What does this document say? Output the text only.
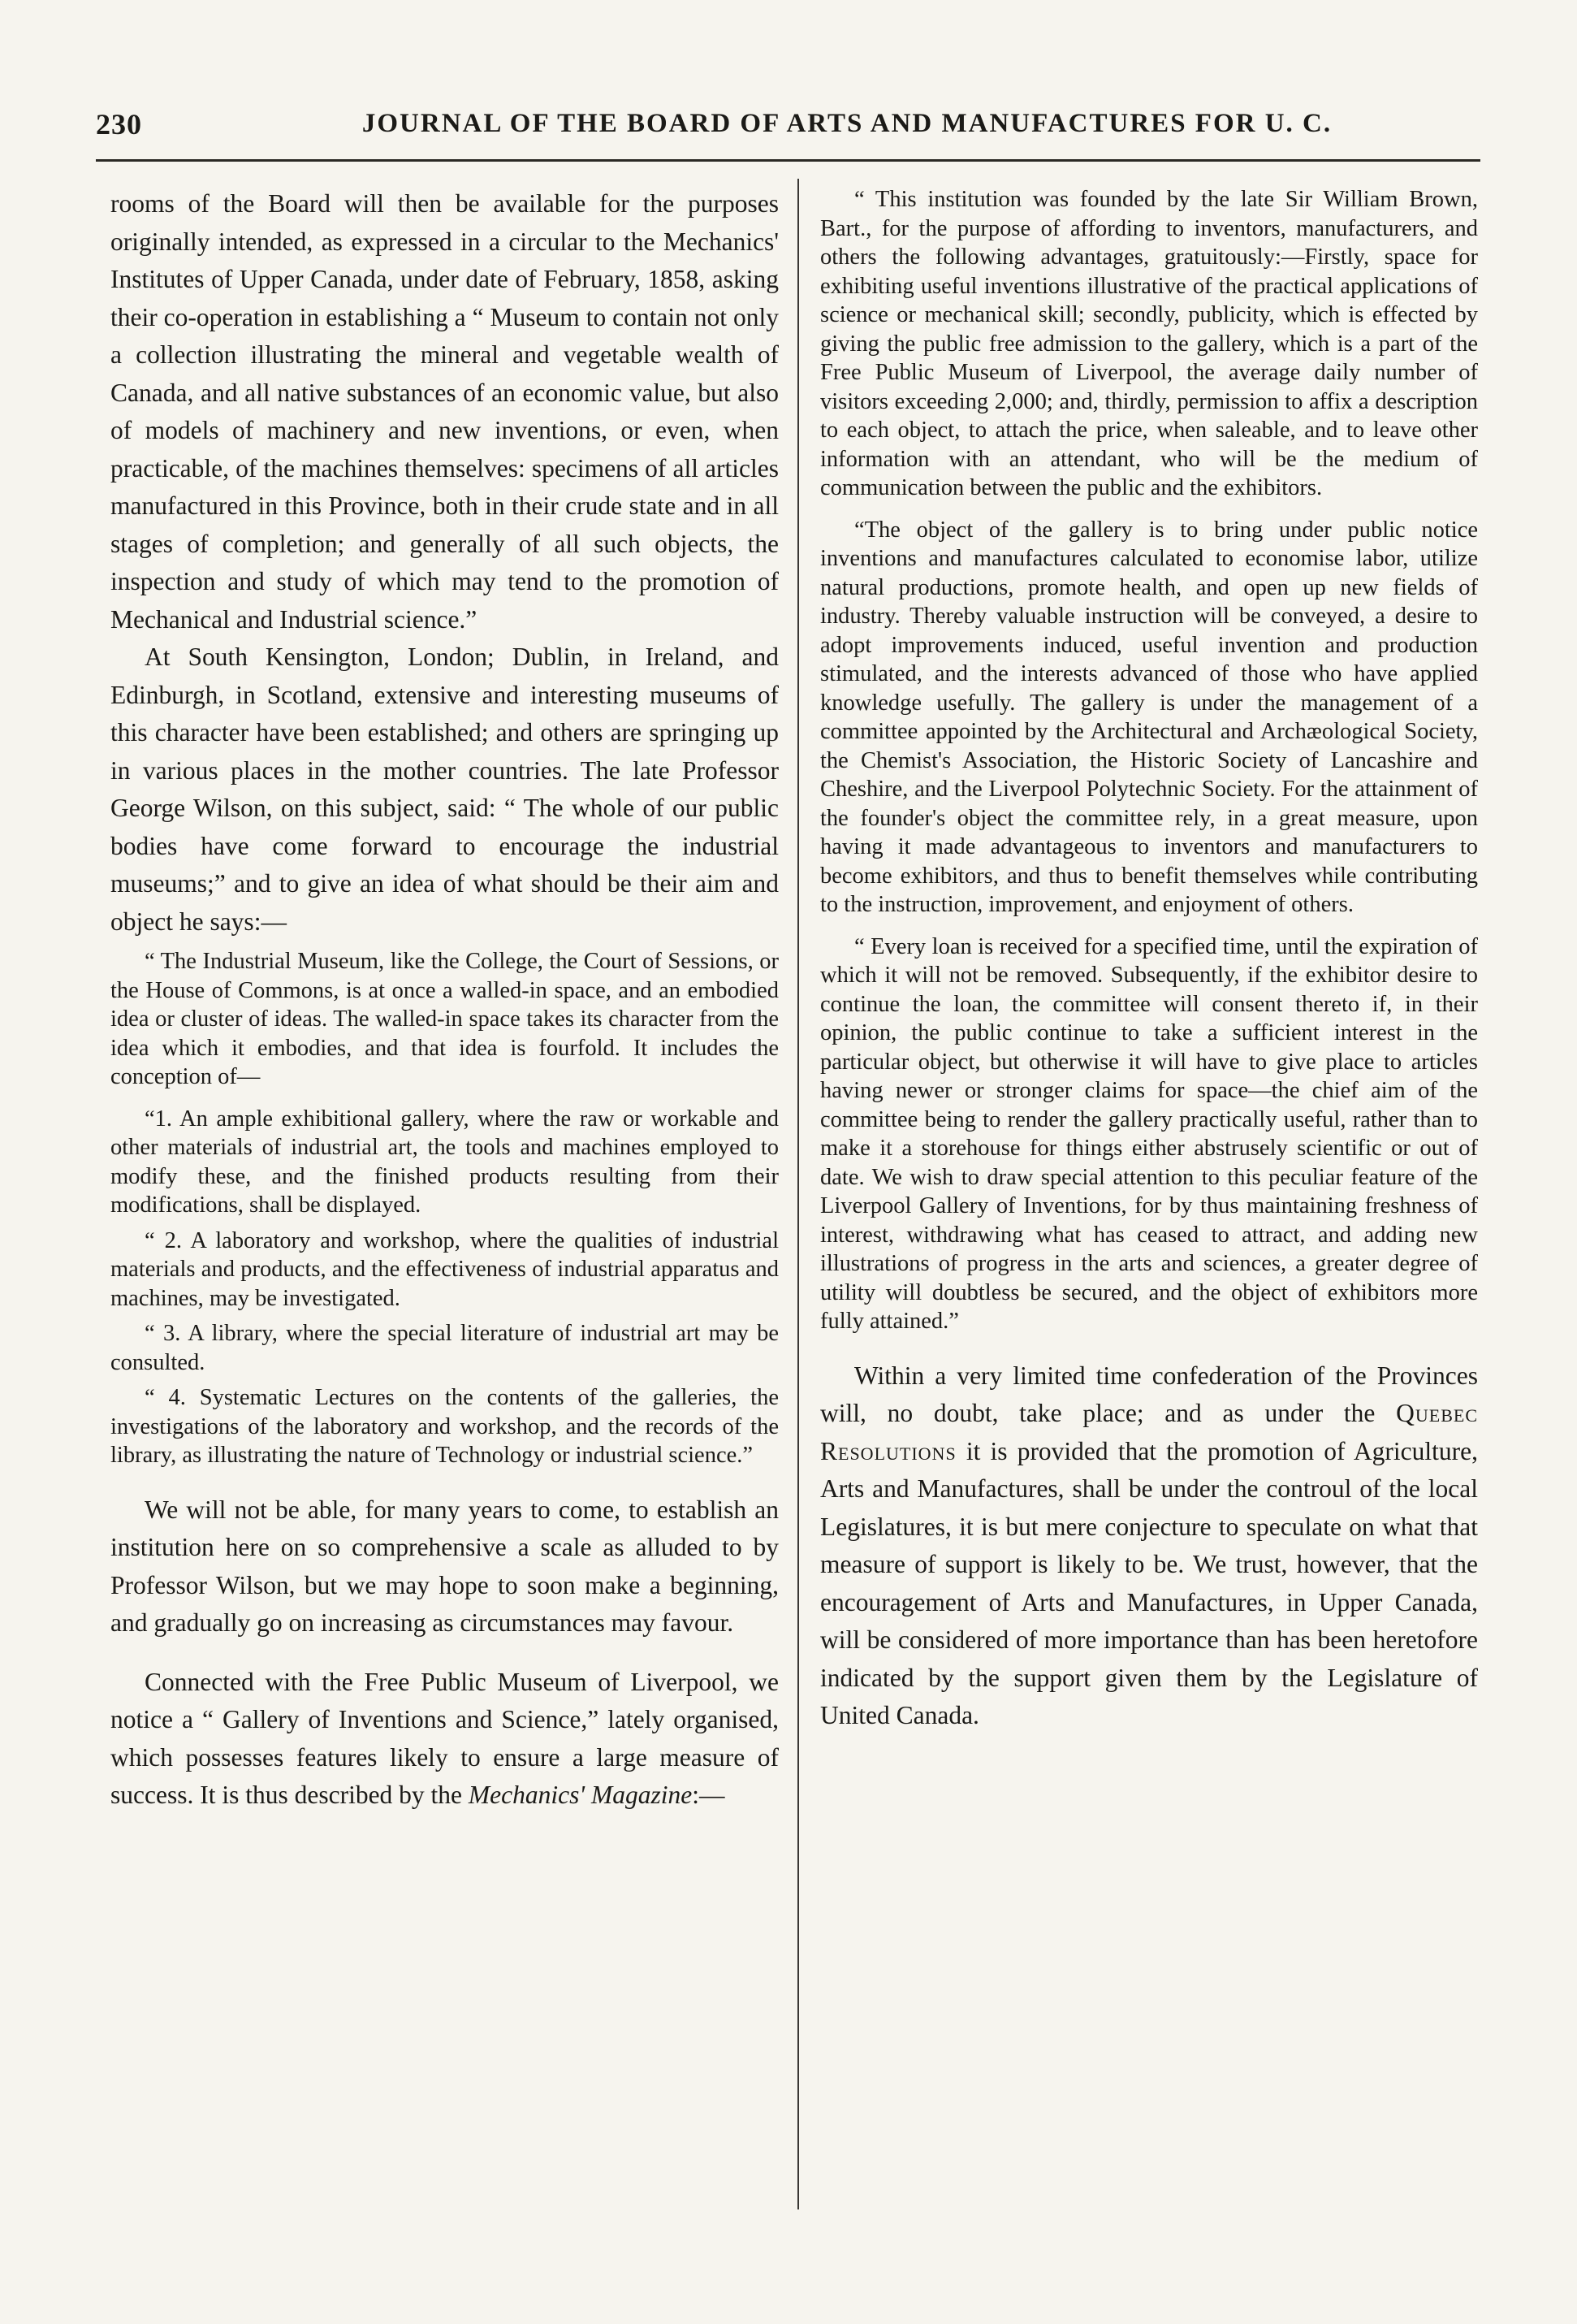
230	JOURNAL OF THE BOARD OF ARTS AND MANUFACTURES FOR U. C.

rooms of the Board will then be available for the purposes originally intended, as expressed in a circular to the Mechanics' Institutes of Upper Canada, under date of February, 1858, asking their co-operation in establishing a “ Museum to contain not only a collection illustrating the mineral and vegetable wealth of Canada, and all native substances of an economic value, but also of models of machinery and new inventions, or even, when practicable, of the machines themselves: specimens of all articles manufactured in this Province, both in their crude state and in all stages of completion; and generally of all such objects, the inspection and study of which may tend to the promotion of Mechanical and Industrial science.”

At South Kensington, London; Dublin, in Ireland, and Edinburgh, in Scotland, extensive and interesting museums of this character have been established; and others are springing up in various places in the mother countries. The late Professor George Wilson, on this subject, said: “ The whole of our public bodies have come forward to encourage the industrial museums;” and to give an idea of what should be their aim and object he says:—

“ The Industrial Museum, like the College, the Court of Sessions, or the House of Commons, is at once a walled-in space, and an embodied idea or cluster of ideas. The walled-in space takes its character from the idea which it embodies, and that idea is fourfold. It includes the conception of—

“1. An ample exhibitional gallery, where the raw or workable and other materials of industrial art, the tools and machines employed to modify these, and the finished products resulting from their modifications, shall be displayed.

“ 2. A laboratory and workshop, where the qualities of industrial materials and products, and the effectiveness of industrial apparatus and machines, may be investigated.

“ 3. A library, where the special literature of industrial art may be consulted.

“ 4. Systematic Lectures on the contents of the galleries, the investigations of the laboratory and workshop, and the records of the library, as illustrating the nature of Technology or industrial science.”

We will not be able, for many years to come, to establish an institution here on so comprehensive a scale as alluded to by Professor Wilson, but we may hope to soon make a beginning, and gradually go on increasing as circumstances may favour.

Connected with the Free Public Museum of Liverpool, we notice a “ Gallery of Inventions and Science,” lately organised, which possesses features likely to ensure a large measure of success. It is thus described by the Mechanics' Magazine:—

“ This institution was founded by the late Sir William Brown, Bart., for the purpose of affording to inventors, manufacturers, and others the following advantages, gratuitously:—Firstly, space for exhibiting useful inventions illustrative of the practical applications of science or mechanical skill; secondly, publicity, which is effected by giving the public free admission to the gallery, which is a part of the Free Public Museum of Liverpool, the average daily number of visitors exceeding 2,000; and, thirdly, permission to affix a description to each object, to attach the price, when saleable, and to leave other information with an attendant, who will be the medium of communication between the public and the exhibitors.

“The object of the gallery is to bring under public notice inventions and manufactures calculated to economise labor, utilize natural productions, promote health, and open up new fields of industry. Thereby valuable instruction will be conveyed, a desire to adopt improvements induced, useful invention and production stimulated, and the interests advanced of those who have applied knowledge usefully. The gallery is under the management of a committee appointed by the Architectural and Archæological Society, the Chemist's Association, the Historic Society of Lancashire and Cheshire, and the Liverpool Polytechnic Society. For the attainment of the founder's object the committee rely, in a great measure, upon having it made advantageous to inventors and manufacturers to become exhibitors, and thus to benefit themselves while contributing to the instruction, improvement, and enjoyment of others.

“ Every loan is received for a specified time, until the expiration of which it will not be removed. Subsequently, if the exhibitor desire to continue the loan, the committee will consent thereto if, in their opinion, the public continue to take a sufficient interest in the particular object, but otherwise it will have to give place to articles having newer or stronger claims for space—the chief aim of the committee being to render the gallery practically useful, rather than to make it a storehouse for things either abstrusely scientific or out of date. We wish to draw special attention to this peculiar feature of the Liverpool Gallery of Inventions, for by thus maintaining freshness of interest, withdrawing what has ceased to attract, and adding new illustrations of progress in the arts and sciences, a greater degree of utility will doubtless be secured, and the object of exhibitors more fully attained.”

Within a very limited time confederation of the Provinces will, no doubt, take place; and as under the Quebec Resolutions it is provided that the promotion of Agriculture, Arts and Manufactures, shall be under the controul of the local Legislatures, it is but mere conjecture to speculate on what that measure of support is likely to be. We trust, however, that the encouragement of Arts and Manufactures, in Upper Canada, will be considered of more importance than has been heretofore indicated by the support given them by the Legislature of United Canada.
